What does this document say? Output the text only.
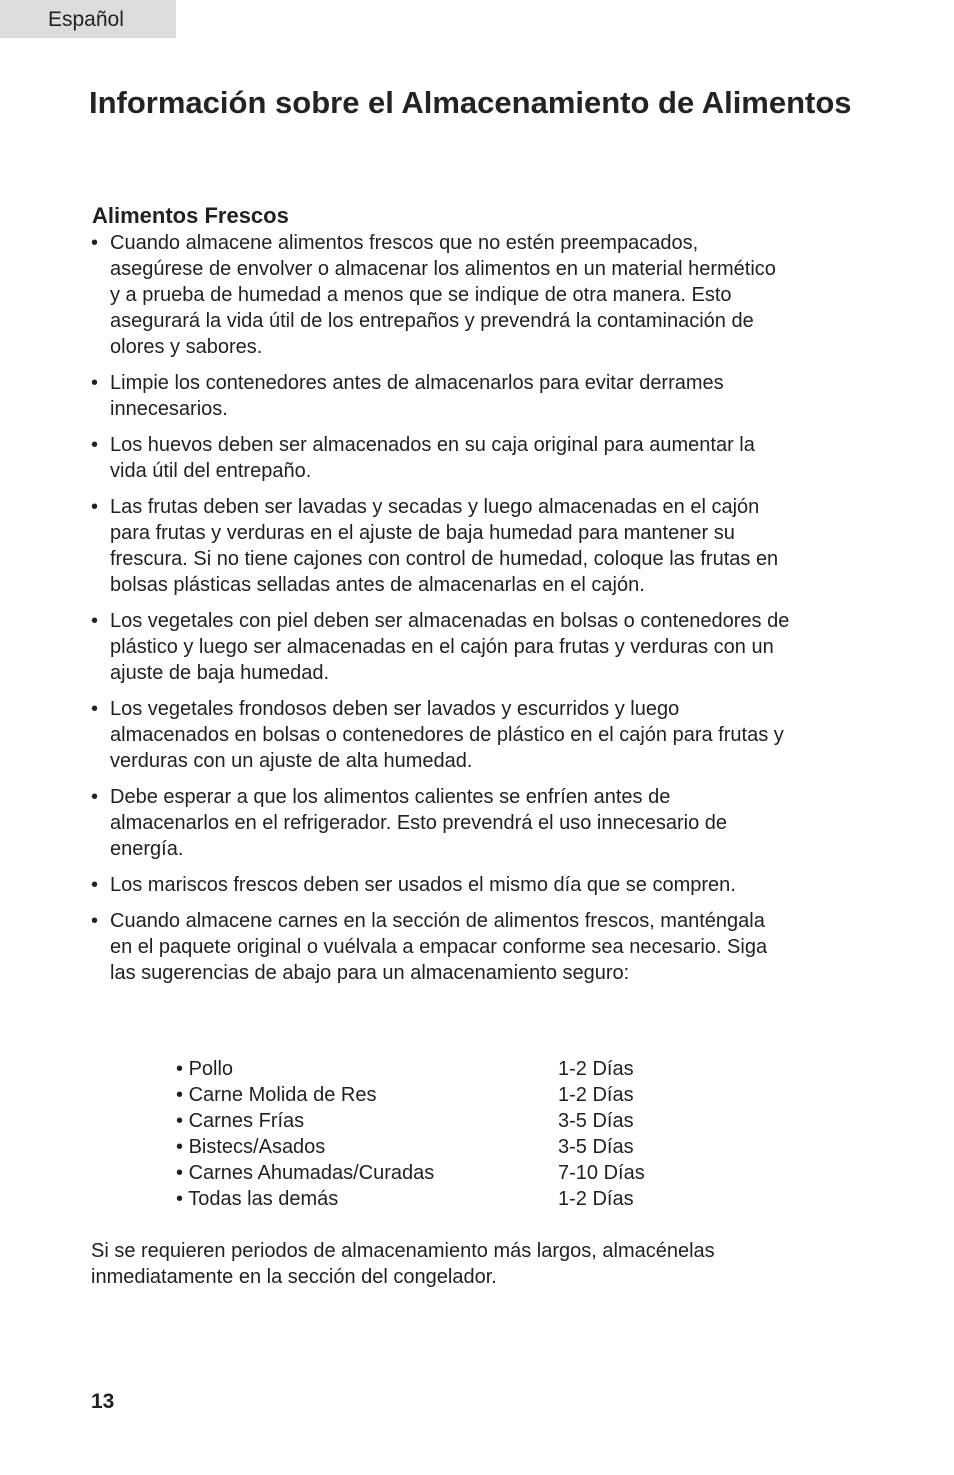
Español
Información sobre el Almacenamiento de Alimentos
Alimentos Frescos
• Cuando almacene alimentos frescos que no estén preempacados, asegúrese de envolver o almacenar los alimentos en un material hermético y a prueba de humedad a menos que se indique de otra manera. Esto asegurará la vida útil de los entrepaños y prevendrá la contaminación de olores y sabores.
• Limpie los contenedores antes de almacenarlos para evitar derrames innecesarios.
• Los huevos deben ser almacenados en su caja original para aumentar la vida útil del entrepaño.
• Las frutas deben ser lavadas y secadas y luego almacenadas en el cajón para frutas y verduras en el ajuste de baja humedad para mantener su frescura. Si no tiene cajones con control de humedad, coloque las frutas en bolsas plásticas selladas antes de almacenarlas en el cajón.
• Los vegetales con piel deben ser almacenadas en bolsas o contenedores de plástico y luego ser almacenadas en el cajón para frutas y verduras con un ajuste de baja humedad.
• Los vegetales frondosos deben ser lavados y escurridos y luego almacenados en bolsas o contenedores de plástico en el cajón para frutas y verduras con un ajuste de alta humedad.
• Debe esperar a que los alimentos calientes se enfríen antes de almacenarlos en el refrigerador. Esto prevendrá el uso innecesario de energía.
• Los mariscos frescos deben ser usados el mismo día que se compren.
• Cuando almacene carnes en la sección de alimentos frescos, manténgala en el paquete original o vuélvala a empacar conforme sea necesario. Siga las sugerencias de abajo para un almacenamiento seguro:
• Pollo	1-2 Días
• Carne Molida de Res	1-2 Días
• Carnes Frías	3-5 Días
• Bistecs/Asados	3-5 Días
• Carnes Ahumadas/Curadas	7-10 Días
• Todas las demás	1-2 Días

Si se requieren periodos de almacenamiento más largos, almacénelas inmediatamente en la sección del congelador.

13
